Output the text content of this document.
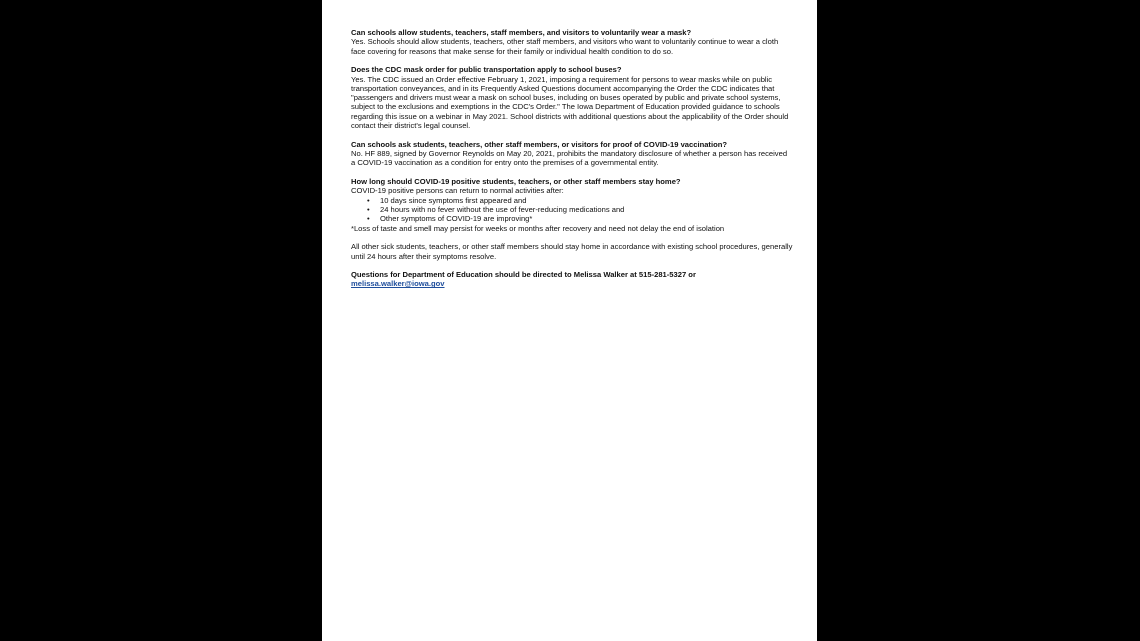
Can schools allow students, teachers, staff members, and visitors to voluntarily wear a mask?
Yes. Schools should allow students, teachers, other staff members, and visitors who want to voluntarily continue to wear a cloth face covering for reasons that make sense for their family or individual health condition to do so.
Does the CDC mask order for public transportation apply to school buses?
Yes. The CDC issued an Order effective February 1, 2021, imposing a requirement for persons to wear masks while on public transportation conveyances, and in its Frequently Asked Questions document accompanying the Order the CDC indicates that "passengers and drivers must wear a mask on school buses, including on buses operated by public and private school systems, subject to the exclusions and exemptions in the CDC's Order." The Iowa Department of Education provided guidance to schools regarding this issue on a webinar in May 2021. School districts with additional questions about the applicability of the Order should contact their district's legal counsel.
Can schools ask students, teachers, other staff members, or visitors for proof of COVID-19 vaccination?
No. HF 889, signed by Governor Reynolds on May 20, 2021, prohibits the mandatory disclosure of whether a person has received a COVID-19 vaccination as a condition for entry onto the premises of a governmental entity.
How long should COVID-19 positive students, teachers, or other staff members stay home?
COVID-19 positive persons can return to normal activities after:
• 10 days since symptoms first appeared and
• 24 hours with no fever without the use of fever-reducing medications and
• Other symptoms of COVID-19 are improving*
*Loss of taste and smell may persist for weeks or months after recovery and need not delay the end of isolation
All other sick students, teachers, or other staff members should stay home in accordance with existing school procedures, generally until 24 hours after their symptoms resolve.
Questions for Department of Education should be directed to Melissa Walker at 515-281-5327 or
melissa.walker@iowa.gov
